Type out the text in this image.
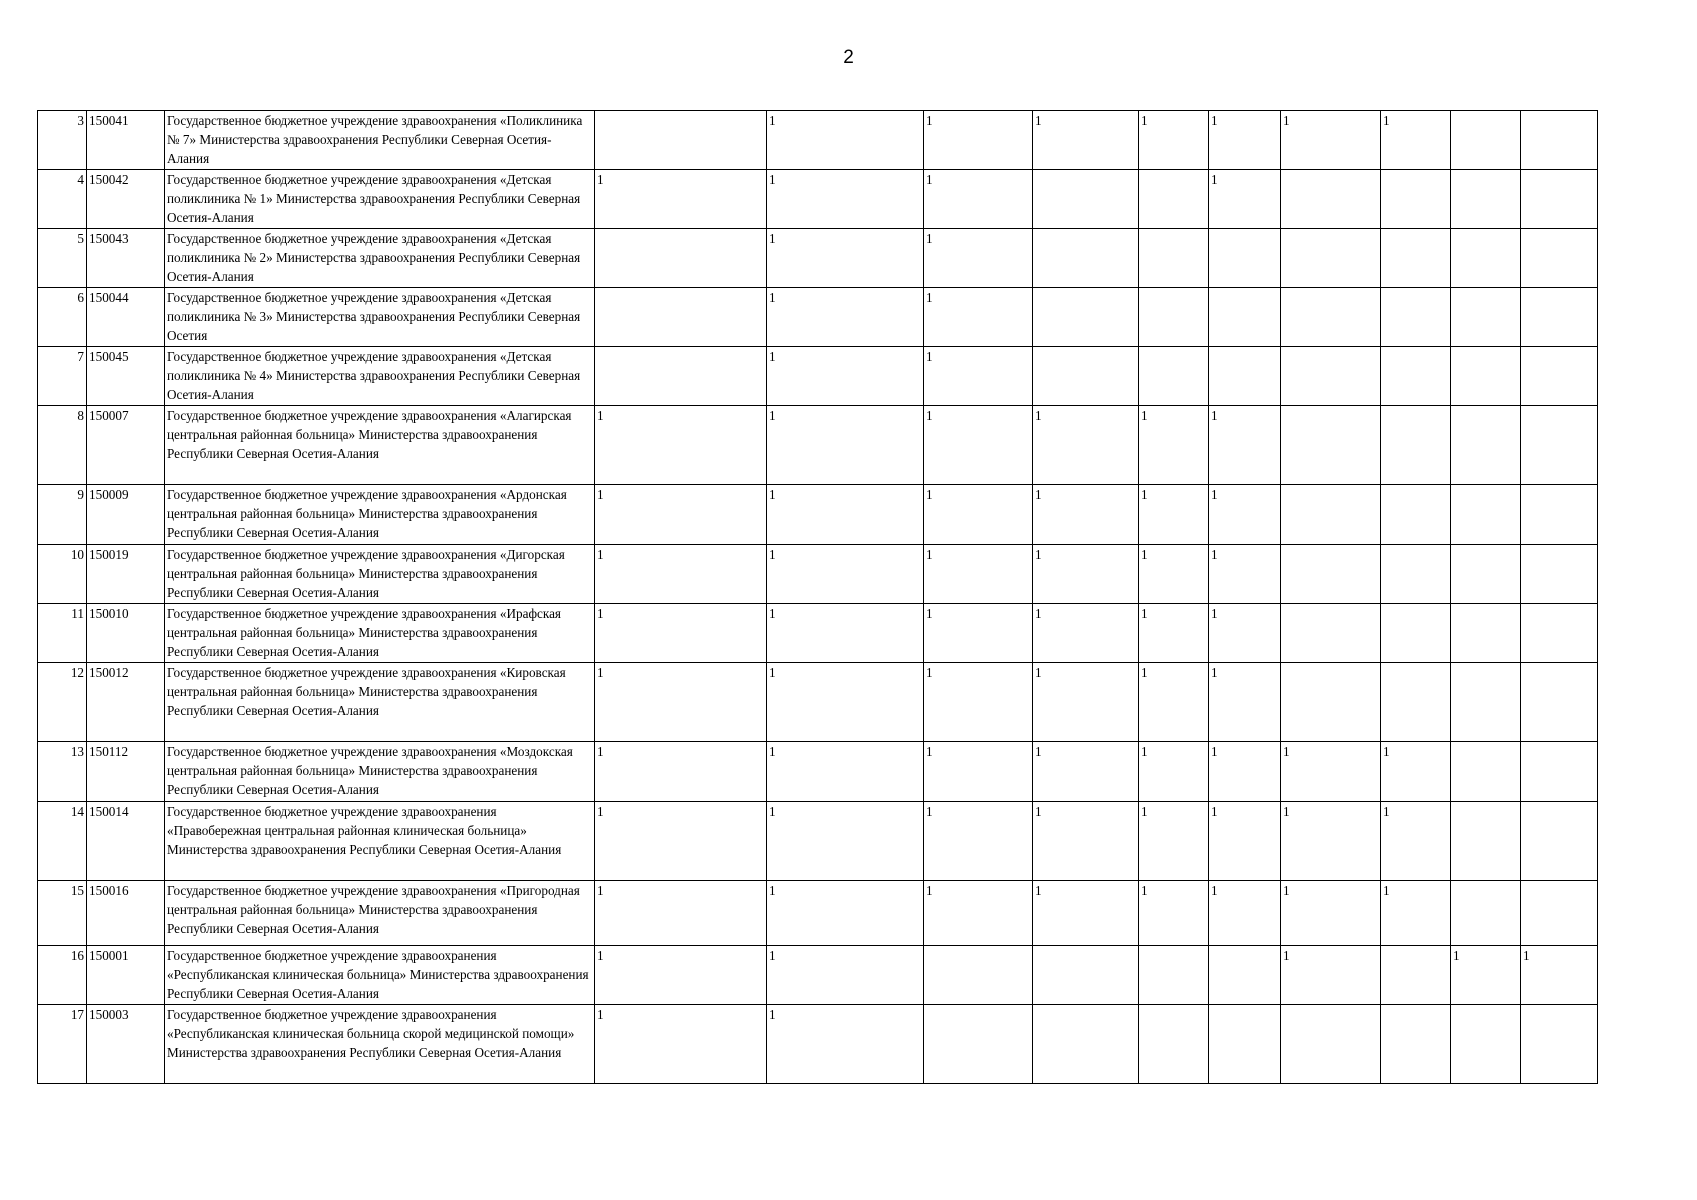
2
3	150041	Государственное бюджетное учреждение здравоохранения «Поликлиника № 7» Министерства здравоохранения Республики Северная Осетия-Алания		1	1	1	1	1	1	1		
4	150042	Государственное бюджетное учреждение здравоохранения «Детская поликлиника № 1» Министерства здравоохранения Республики Северная Осетия-Алания	1	1	1			1				
5	150043	Государственное бюджетное учреждение здравоохранения «Детская поликлиника № 2» Министерства здравоохранения Республики Северная Осетия-Алания		1	1							
6	150044	Государственное бюджетное учреждение здравоохранения «Детская поликлиника № 3» Министерства здравоохранения Республики Северная Осетия		1	1							
7	150045	Государственное бюджетное учреждение здравоохранения «Детская поликлиника № 4» Министерства здравоохранения Республики Северная Осетия-Алания		1	1							
8	150007	Государственное бюджетное учреждение здравоохранения «Алагирская центральная районная больница» Министерства здравоохранения Республики Северная Осетия-Алания	1	1	1	1	1	1				
9	150009	Государственное бюджетное учреждение здравоохранения «Ардонская центральная районная больница» Министерства здравоохранения Республики Северная Осетия-Алания	1	1	1	1	1	1				
10	150019	Государственное бюджетное учреждение здравоохранения «Дигорская центральная районная больница» Министерства здравоохранения Республики Северная Осетия-Алания	1	1	1	1	1	1				
11	150010	Государственное бюджетное учреждение здравоохранения «Ирафская центральная районная больница» Министерства здравоохранения Республики Северная Осетия-Алания	1	1	1	1	1	1				
12	150012	Государственное бюджетное учреждение здравоохранения «Кировская центральная районная больница» Министерства здравоохранения Республики Северная Осетия-Алания	1	1	1	1	1	1				
13	150112	Государственное бюджетное учреждение здравоохранения «Моздокская центральная районная больница» Министерства здравоохранения Республики Северная Осетия-Алания	1	1	1	1	1	1	1	1		
14	150014	Государственное бюджетное учреждение здравоохранения «Правобережная центральная районная клиническая больница» Министерства здравоохранения Республики Северная Осетия-Алания	1	1	1	1	1	1	1	1		
15	150016	Государственное бюджетное учреждение здравоохранения «Пригородная центральная районная больница» Министерства здравоохранения Республики Северная Осетия-Алания	1	1	1	1	1	1	1	1		
16	150001	Государственное бюджетное учреждение здравоохранения «Республиканская клиническая больница» Министерства здравоохранения Республики Северная Осетия-Алания	1	1					1		1	1
17	150003	Государственное бюджетное учреждение здравоохранения «Республиканская клиническая больница скорой медицинской помощи» Министерства здравоохранения Республики Северная Осетия-Алания	1	1								
